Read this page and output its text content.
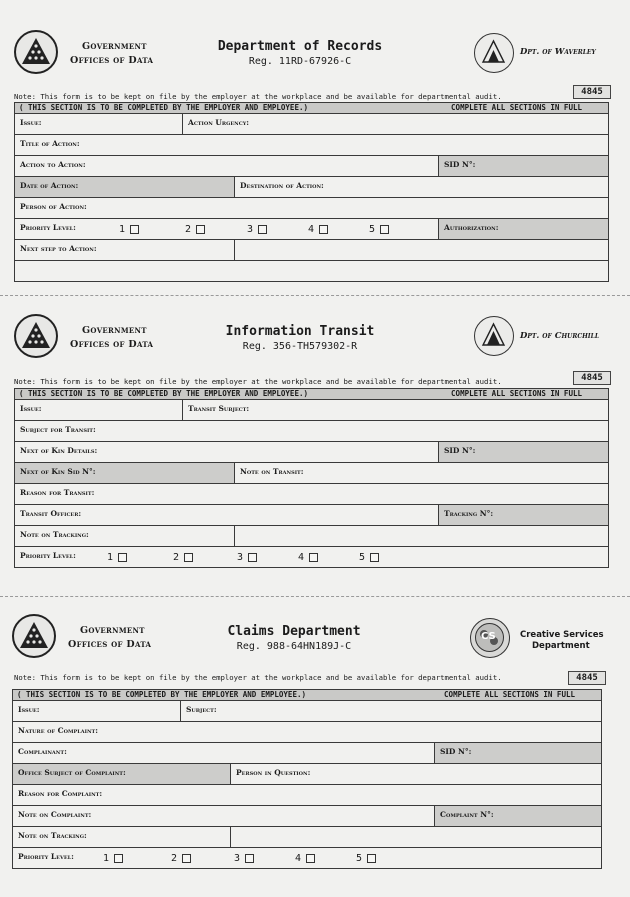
Government
Offices of Data
Department of Records
Reg. 11RD-67926-C
Dpt. of Waverley
Note: This form is to be kept on file by the employer at the workplace and be available for departmental audit.	4845
( THIS SECTION IS TO BE COMPLETED BY THE EMPLOYER AND EMPLOYEE.)	COMPLETE ALL SECTIONS IN FULL
Issue:	Action Urgency:
Title of Action:
Action to Action:	SID N°:
Date of Action:	Destination of Action:
Person of Action:
Priority Level:	1	2	3	4	5	Authorization:
Next step to Action:
Government
Offices of Data
Information Transit
Reg. 356-TH579302-R
Dpt. of Churchill
Note: This form is to be kept on file by the employer at the workplace and be available for departmental audit.	4845
( THIS SECTION IS TO BE COMPLETED BY THE EMPLOYER AND EMPLOYEE.)	COMPLETE ALL SECTIONS IN FULL
Issue:	Transit Subject:
Subject for Transit:
Next of Kin Details:	SID N°:
Next of Kin Sid N°:	Note on Transit:
Reason for Transit:
Transit Officer:	Tracking N°:
Note on Tracking:
Priority Level:	1	2	3	4	5
Government
Offices of Data
Claims Department
Reg. 988-64HN189J-C
CS	Creative Services
Department
Note: This form is to be kept on file by the employer at the workplace and be available for departmental audit.	4845
( THIS SECTION IS TO BE COMPLETED BY THE EMPLOYER AND EMPLOYEE.)	COMPLETE ALL SECTIONS IN FULL
Issue:	Subject:
Nature of Complaint:
Complainant:	SID N°:
Office Subject of Complaint:	Person in Question:
Reason for Complaint:
Note on Complaint:	Complaint N°:
Note on Tracking:
Priority Level:	1	2	3	4	5
